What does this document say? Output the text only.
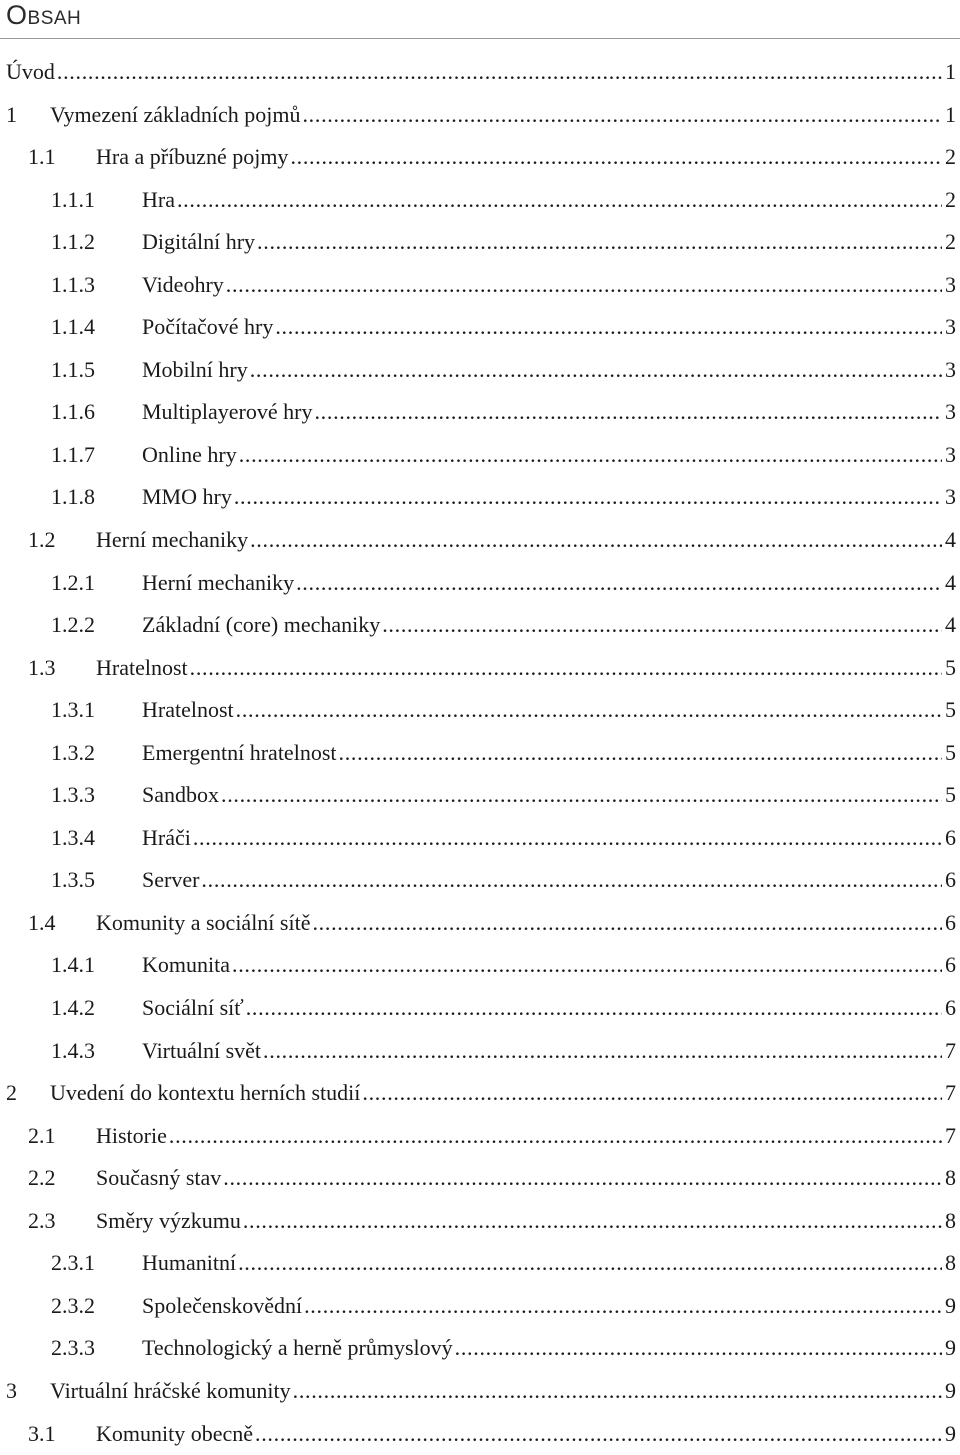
Obsah
Úvod . . .	1
1 Vymezení základních pojmů . . .	1
1.1 Hra a příbuzné pojmy . . .	2
1.1.1 Hra . . .	2
1.1.2 Digitální hry . . .	2
1.1.3 Videohry . . .	3
1.1.4 Počítačové hry . . .	3
1.1.5 Mobilní hry . . .	3
1.1.6 Multiplayerové hry . . .	3
1.1.7 Online hry . . .	3
1.1.8 MMO hry . . .	3
1.2 Herní mechaniky . . .	4
1.2.1 Herní mechaniky . . .	4
1.2.2 Základní (core) mechaniky . . .	4
1.3 Hratelnost . . .	5
1.3.1 Hratelnost . . .	5
1.3.2 Emergentní hratelnost . . .	5
1.3.3 Sandbox . . .	5
1.3.4 Hráči . . .	6
1.3.5 Server . . .	6
1.4 Komunity a sociální sítě . . .	6
1.4.1 Komunita . . .	6
1.4.2 Sociální síť . . .	6
1.4.3 Virtuální svět . . .	7
2 Uvedení do kontextu herních studií . . .	7
2.1 Historie . . .	7
2.2 Současný stav . . .	8
2.3 Směry výzkumu . . .	8
2.3.1 Humanitní . . .	8
2.3.2 Společenskovědní . . .	9
2.3.3 Technologický a herně průmyslový . . .	9
3 Virtuální hráčské komunity . . .	9
3.1 Komunity obecně . . .	9
